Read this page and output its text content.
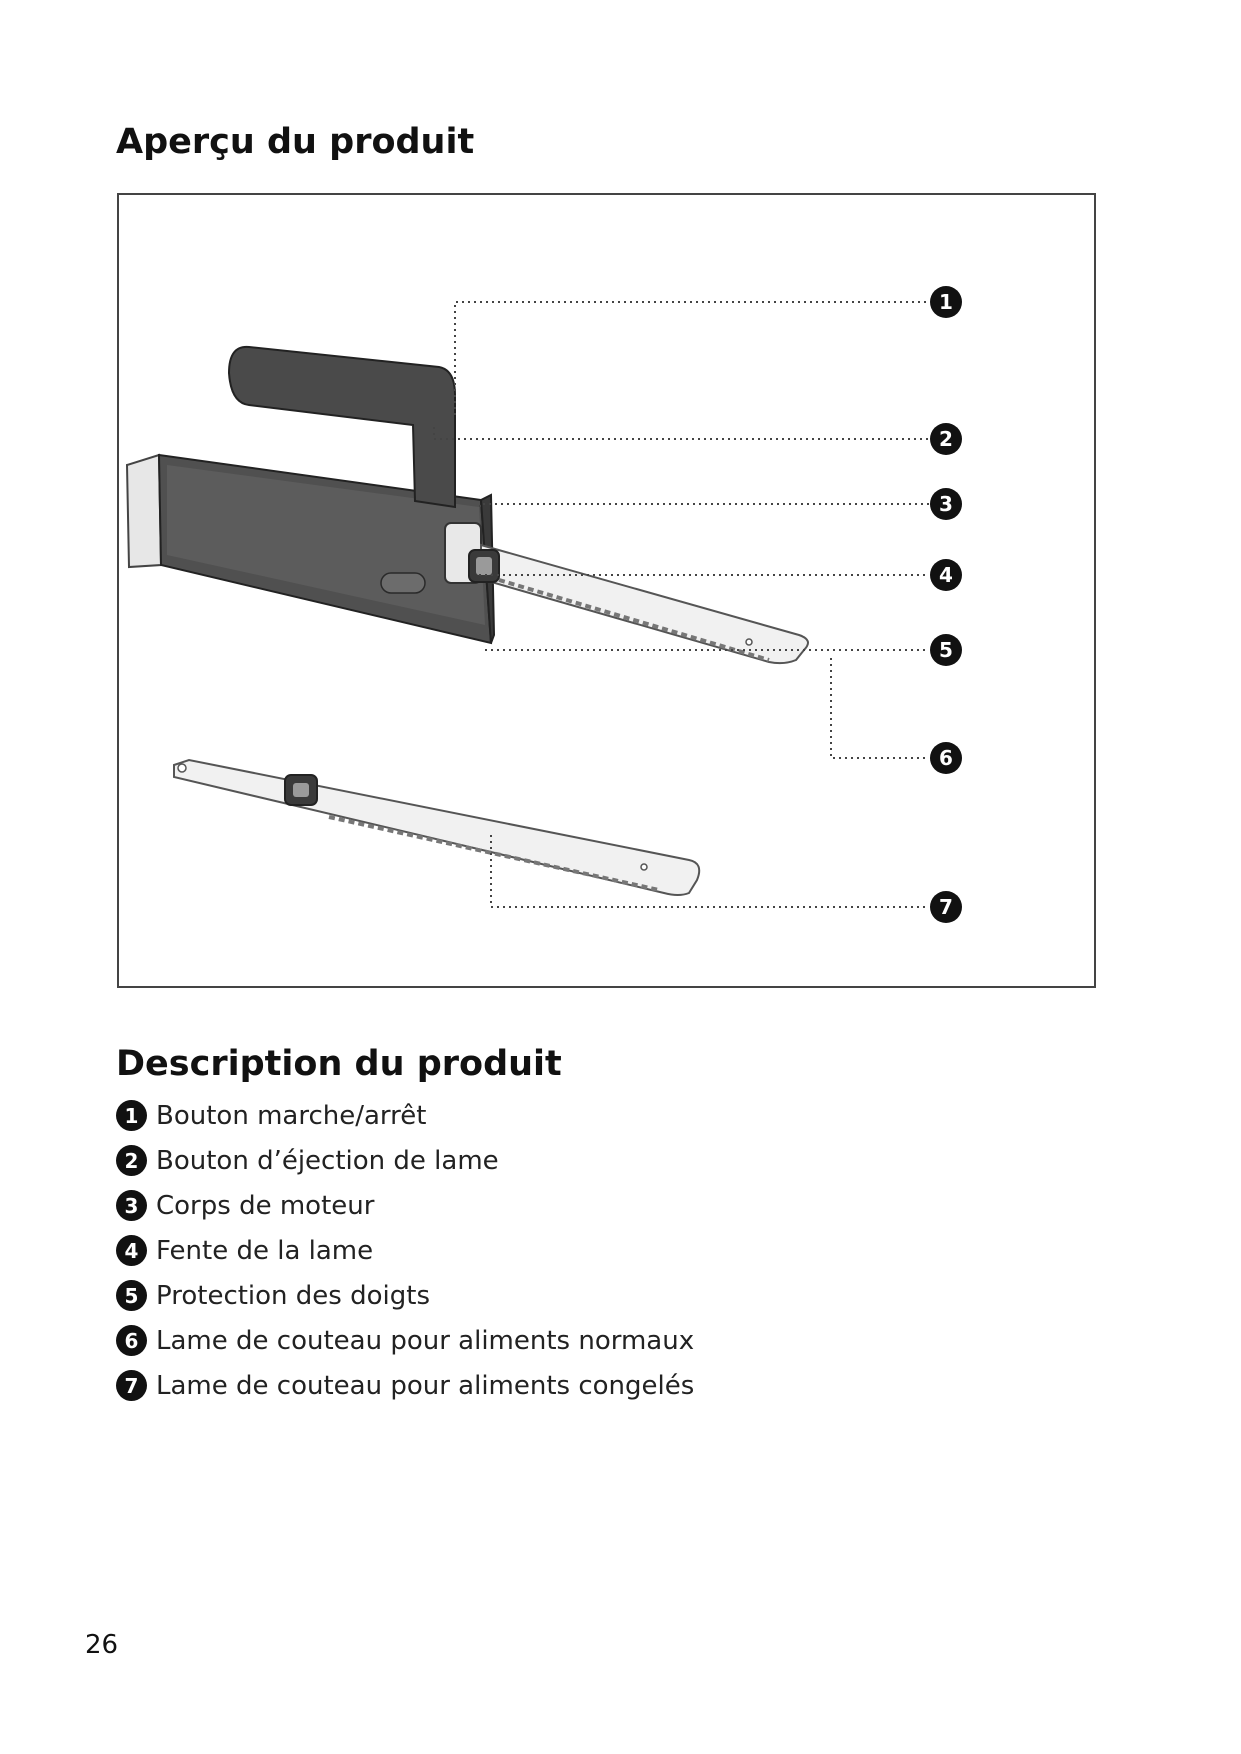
Aperçu du produit
1
2
3
4
5
6
7
Description du produit
1 Bouton marche/arrêt
2 Bouton d’éjection de lame
3 Corps de moteur
4 Fente de la lame
5 Protection des doigts
6 Lame de couteau pour aliments normaux
7 Lame de couteau pour aliments congelés
26
